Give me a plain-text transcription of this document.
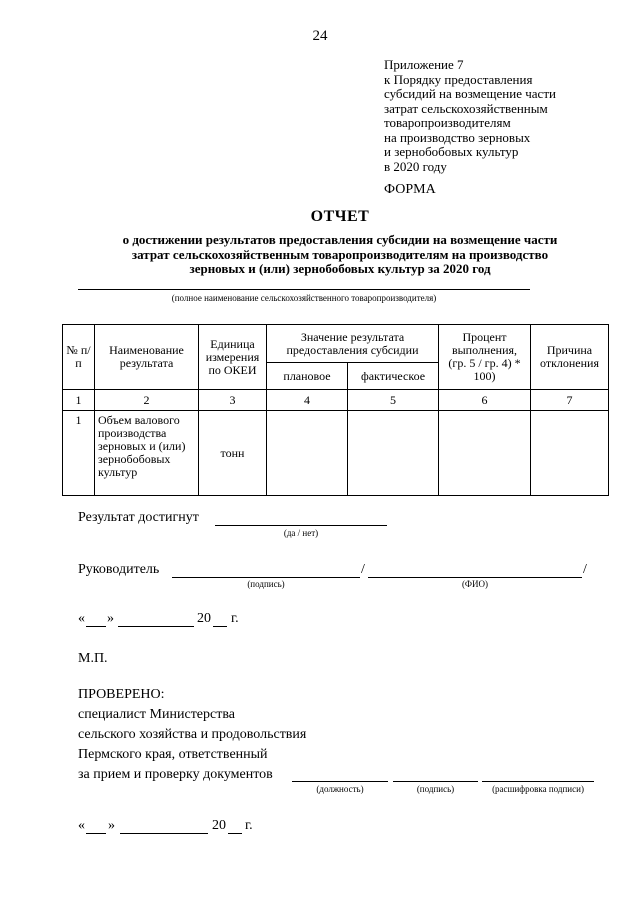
24
Приложение 7
к Порядку предоставления
субсидий на возмещение части
затрат сельскохозяйственным
товаропроизводителям
на производство зерновых
и зернобобовых культур
в 2020 году
ФОРМА
ОТЧЕТ
о достижении результатов предоставления субсидии на возмещение части
затрат сельскохозяйственным товаропроизводителям на производство
зерновых и (или) зернобобовых культур за 2020 год
(полное наименование сельскохозяйственного товаропроизводителя)
№ п/п	Наименование результата	Единица измерения по ОКЕИ	Значение результата предоставления субсидии		Процент выполнения, (гр. 5 / гр. 4) * 100)	Причина отклонения
			плановое	фактическое		
1	2	3	4	5	6	7
1	Объем валового производства зерновых и (или) зернобобовых культур	тонн				
Результат достигнут
(да / нет)
Руководитель	/	/
(подпись)	(ФИО)
« »	20 г.
М.П.
ПРОВЕРЕНО:
специалист Министерства
сельского хозяйства и продовольствия
Пермского края, ответственный
за прием и проверку документов
(должность)	(подпись)	(расшифровка подписи)
« »	20 г.
